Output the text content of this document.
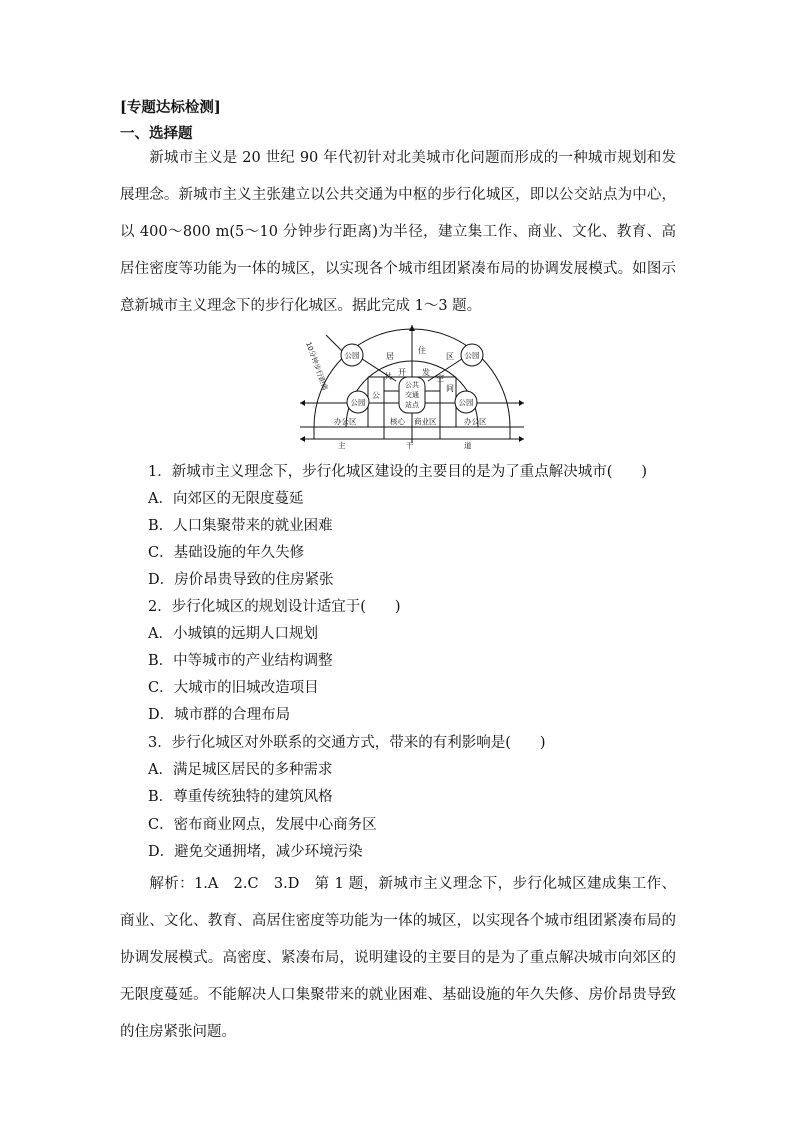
[专题达标检测]
一、选择题
新城市主义是 20 世纪 90 年代初针对北美城市化问题而形成的一种城市规划和发展理念。新城市主义主张建立以公共交通为中枢的步行化城区，即以公交站点为中心，以 400～800 m(5～10 分钟步行距离)为半径，建立集工作、商业、文化、教育、高居住密度等功能为一体的城区，以实现各个城市组团紧凑布局的协调发展模式。如图示意新城市主义理念下的步行化城区。据此完成 1～3 题。
10分钟步行距离 公园	公园
公园	公园
居
住
区
公
共 开 发
空
间
公共
交通
站点
办公区	核心 商业区	办公区
主	干	道
1．新城市主义理念下，步行化城区建设的主要目的是为了重点解决城市(　　)
A．向郊区的无限度蔓延
B．人口集聚带来的就业困难
C．基础设施的年久失修
D．房价昂贵导致的住房紧张
2．步行化城区的规划设计适宜于(　　)
A．小城镇的远期人口规划
B．中等城市的产业结构调整
C．大城市的旧城改造项目
D．城市群的合理布局
3．步行化城区对外联系的交通方式，带来的有利影响是(　　)
A．满足城区居民的多种需求
B．尊重传统独特的建筑风格
C．密布商业网点，发展中心商务区
D．避免交通拥堵，减少环境污染
解析：1.A　2.C　3.D　第 1 题，新城市主义理念下，步行化城区建成集工作、商业、文化、教育、高居住密度等功能为一体的城区，以实现各个城市组团紧凑布局的协调发展模式。高密度、紧凑布局，说明建设的主要目的是为了重点解决城市向郊区的无限度蔓延。不能解决人口集聚带来的就业困难、基础设施的年久失修、房价昂贵导致的住房紧张问题。
